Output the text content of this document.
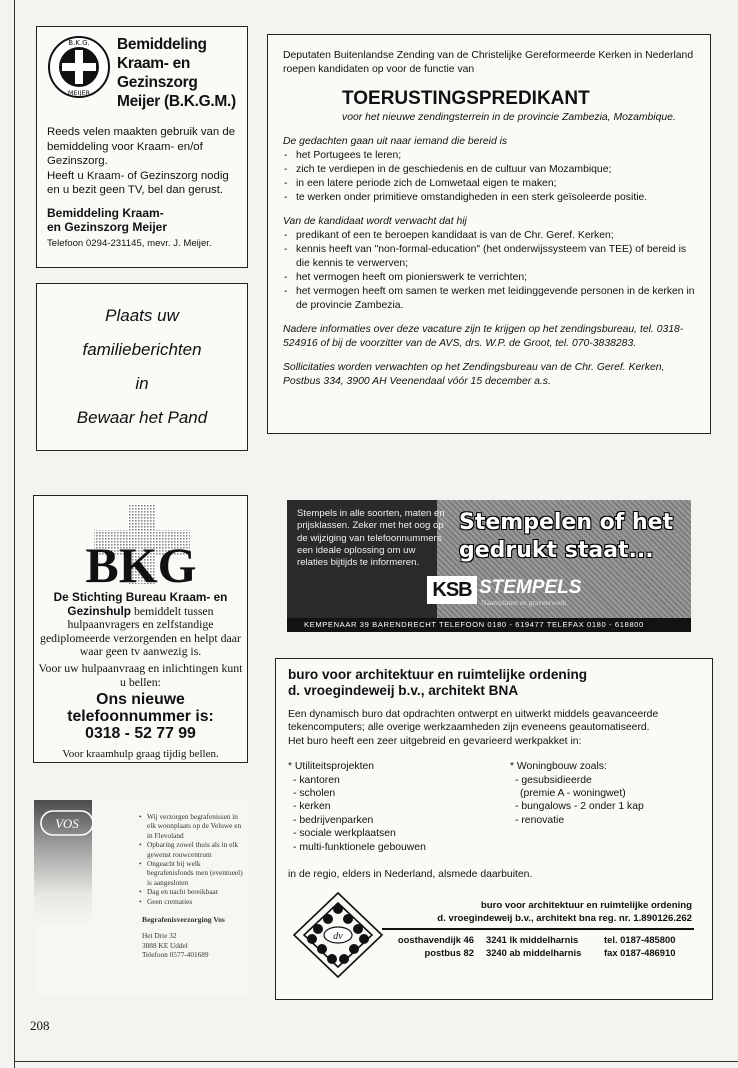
B.K.G.
MEIJER
Bemiddeling
Kraam- en
Gezinszorg
Meijer (B.K.G.M.)
Reeds velen maakten gebruik van de bemiddeling voor Kraam- en/of Gezinszorg.
Heeft u Kraam- of Gezinszorg nodig en u bezit geen TV, bel dan gerust.
Bemiddeling Kraam-
en Gezinszorg Meijer
Telefoon 0294-231145, mevr. J. Meijer.
Plaats uw
familieberichten
in
Bewaar het Pand
Deputaten Buitenlandse Zending van de Christelijke Gereformeerde Kerken in Nederland roepen kandidaten op voor de functie van
TOERUSTINGSPREDIKANT
voor het nieuwe zendingsterrein in de provincie Zambezia, Mozambique.
De gedachten gaan uit naar iemand die bereid is
- het Portugees te leren;
- zich te verdiepen in de geschiedenis en de cultuur van Mozambique;
- in een latere periode zich de Lomwetaal eigen te maken;
- te werken onder primitieve omstandigheden in een sterk geïsoleerde positie.
Van de kandidaat wordt verwacht dat hij
- predikant of een te beroepen kandidaat is van de Chr. Geref. Kerken;
- kennis heeft van "non-formal-education" (het onderwijssysteem van TEE) of bereid is die kennis te verwerven;
- het vermogen heeft om pionierswerk te verrichten;
- het vermogen heeft om samen te werken met leidinggevende personen in de kerken in de provincie Zambezia.
Nadere informaties over deze vacature zijn te krijgen op het zendingsbureau, tel. 0318-524916 of bij de voorzitter van de AVS, drs. W.P. de Groot, tel. 070-3838283.
Sollicitaties worden verwachten op het Zendingsbureau van de Chr. Geref. Kerken, Postbus 334, 3900 AH Veenendaal vóór 15 december a.s.
BKG
De Stichting Bureau Kraam- en Gezinshulp bemiddelt tussen hulpaanvragers en zelfstandige gediplomeerde verzorgenden en helpt daar waar geen tv aanwezig is.
Voor uw hulpaanvraag en inlichtingen kunt u bellen:
Ons nieuwe
telefoonnummer is:
0318 - 52 77 99
Voor kraamhulp graag tijdig bellen.
VOS
•	Wij verzorgen begrafenissen in elk woonplaats op de Veluwe en in Flevoland
• Opbaring zowel thuis als in elk gewenst rouwcentrum
• Ongeacht bij welk begrafenisfonds men (eventueel) is aangesloten
• Dag en nacht bereikbaar
• Geen crematies
Begrafenisverzorging Vos
Het Drie 32
3888 KE Uddel
Telefoon 0577-401689
Stempels in alle soorten, maten en prijsklassen. Zeker met het oog op de wijziging van telefoonnummers een ideale oplossing om uw relaties bijtijds te informeren.
Stempelen of het
gedrukt staat...
KSB STEMPELS
Naamplaten en graveerwerk
KEMPENAAR 39 BARENDRECHT TELEFOON 0180 - 619477 TELEFAX 0180 - 618800
buro voor architektuur en ruimtelijke ordening
d. vroegindeweij b.v., architekt BNA
Een dynamisch buro dat opdrachten ontwerpt en uitwerkt middels geavanceerde tekencomputers; alle overige werkzaamheden zijn eveneens geautomatiseerd.
Het buro heeft een zeer uitgebreid en gevarieerd werkpakket in:
* Utiliteitsprojekten
- kantoren
- scholen
- kerken
- bedrijvenparken
- sociale werkplaatsen
- multi-funktionele gebouwen
* Woningbouw zoals:
- gesubsidieerde
(premie A - woningwet)
- bungalows - 2 onder 1 kap
- renovatie
in de regio, elders in Nederland, alsmede daarbuiten.
dv
buro voor architektuur en ruimtelijke ordening
d. vroegindeweij b.v., architekt bna reg. nr. 1.890126.262
oosthavendijk 46
postbus 82
3241 lk middelharnis
3240 ab middelharnis
tel. 0187-485800
fax 0187-486910
208
